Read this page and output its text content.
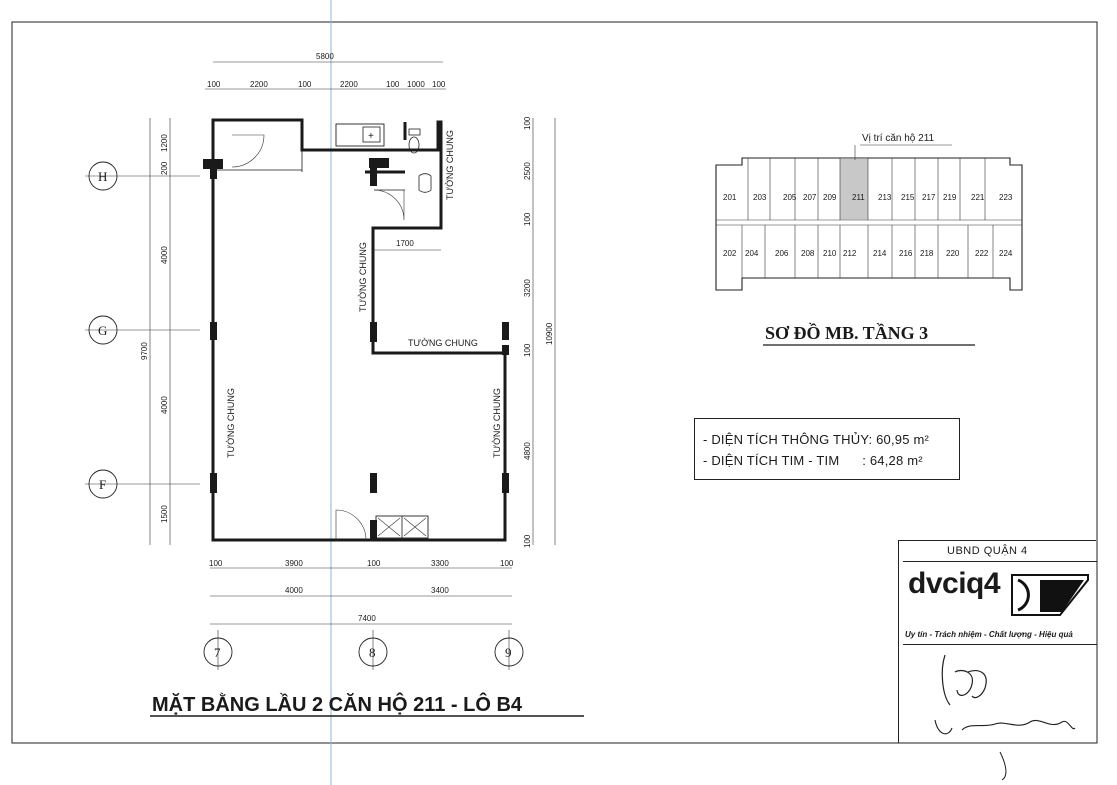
+	TƯỜNG CHUNG
TƯỜNG CHUNG
TƯỜNG CHUNG
TƯỜNG CHUNG	TƯỜNG CHUNG
1700
5800
100	2200	100	2200	100 1000 100
100	3900	100	3300	100
4000	3400
7400
1200
200
4000
4000
1500
9700
100
2500
100
3200
100
4800
100
10900
H
G
F
7	8	9
MẶT BẰNG LẦU 2 CĂN HỘ 211 - LÔ B4
Vị trí căn hộ 211
201 203 205 207 209 211 213 215 217 219 221 223
202 204 206 208 210 212 214 216 218 220 222 224
SƠ ĐỒ MB. TẦNG 3
- DIỆN TÍCH THÔNG THỦY: 60,95 m²
- DIỆN TÍCH TIM - TIM      : 64,28 m²
UBND QUẬN 4
dvciq4
Uy tín - Trách nhiệm - Chất lượng - Hiệu quả
